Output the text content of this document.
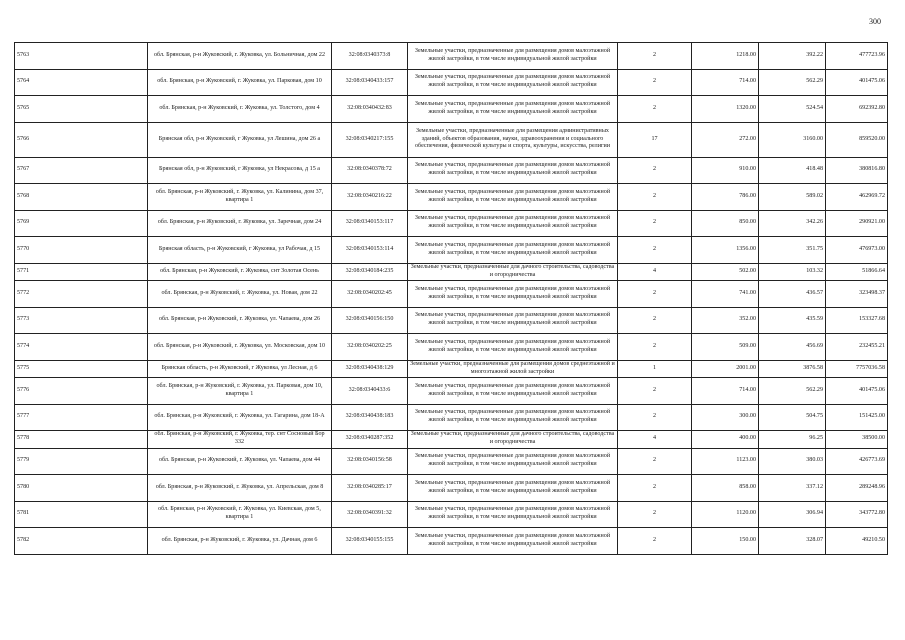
300
5763	обл. Брянская, р-н Жуковский, г. Жуковка, ул. Больничная, дом 22	32:08:0340373:8	Земельные участки, предназначенные для размещения домов малоэтажной жилой застройки, в том числе индивидуальной жилой застройки	2	1218.00	392.22	477723.96
5764	обл. Брянская, р-н Жуковский, г. Жуковка, ул. Парковая, дом 10	32:08:0340433:157	Земельные участки, предназначенные для размещения домов малоэтажной жилой застройки, в том числе индивидуальной жилой застройки	2	714.00	562.29	401475.06
5765	обл. Брянская, р-н Жуковский, г. Жуковка, ул. Толстого, дом 4	32:08:0340432:83	Земельные участки, предназначенные для размещения домов малоэтажной жилой застройки, в том числе индивидуальной жилой застройки	2	1320.00	524.54	692392.80
5766	Брянская обл, р-н Жуковский, г Жуковка, ул Лешина, дом 26 а	32:08:0340217:155	Земельные участки, предназначенные для размещения административных зданий, объектов образования, науки, здравоохранения и социального обеспечения, физической культуры и спорта, культуры, искусства, религии	17	272.00	3160.00	859520.00
5767	Брянская обл, р-н Жуковский, г Жуковка, ул Некрасова, д 15 а	32:08:0340378:72	Земельные участки, предназначенные для размещения домов малоэтажной жилой застройки, в том числе индивидуальной жилой застройки	2	910.00	418.48	380816.80
5768	обл. Брянская, р-н Жуковский, г. Жуковка, ул. Калинина, дом 37, квартира 1	32:08:0340216:22	Земельные участки, предназначенные для размещения домов малоэтажной жилой застройки, в том числе индивидуальной жилой застройки	2	786.00	589.02	462969.72
5769	обл. Брянская, р-н Жуковский, г. Жуковка, ул. Заречная, дом 24	32:08:0340153:117	Земельные участки, предназначенные для размещения домов малоэтажной жилой застройки, в том числе индивидуальной жилой застройки	2	850.00	342.26	290921.00
5770	Брянская область, р-н Жуковский, г Жуковка, ул Рабочая, д 15	32:08:0340153:114	Земельные участки, предназначенные для размещения домов малоэтажной жилой застройки, в том числе индивидуальной жилой застройки	2	1356.00	351.75	476973.00
5771	обл. Брянская, р-н Жуковский, г. Жуковка, снт Золотая Осень	32:08:0340184:235	Земельные участки, предназначенные для дачного строительства, садоводства и огородничества	4	502.00	103.32	51866.64
5772	обл. Брянская, р-н Жуковский, г. Жуковка, ул. Новая, дом 22	32:08:0340202:45	Земельные участки, предназначенные для размещения домов малоэтажной жилой застройки, в том числе индивидуальной жилой застройки	2	741.00	436.57	323498.37
5773	обл. Брянская, р-н Жуковский, г. Жуковка, ул. Чапаева, дом 26	32:08:0340156:150	Земельные участки, предназначенные для размещения домов малоэтажной жилой застройки, в том числе индивидуальной жилой застройки	2	352.00	435.59	153327.68
5774	обл. Брянская, р-н Жуковский, г. Жуковка, ул. Московская, дом 10	32:08:0340202:25	Земельные участки, предназначенные для размещения домов малоэтажной жилой застройки, в том числе индивидуальной жилой застройки	2	509.00	456.69	232455.21
5775	Брянская область, р-н Жуковский, г Жуковка, ул Лесная, д 6	32:08:0340438:129	Земельные участки, предназначенные для размещения домов среднеэтажной и многоэтажной жилой застройки	1	2001.00	3876.58	7757036.58
5776	обл. Брянская, р-н Жуковский, г. Жуковка, ул. Парковая, дом 10, квартира 1	32:08:0340433:6	Земельные участки, предназначенные для размещения домов малоэтажной жилой застройки, в том числе индивидуальной жилой застройки	2	714.00	562.29	401475.06
5777	обл. Брянская, р-н Жуковский, г. Жуковка, ул. Гагарина, дом 18-А	32:08:0340438:183	Земельные участки, предназначенные для размещения домов малоэтажной жилой застройки, в том числе индивидуальной жилой застройки	2	300.00	504.75	151425.00
5778	обл. Брянская, р-н Жуковский, г. Жуковка, тер. снт Сосновый Бор 332	32:08:0340287:352	Земельные участки, предназначенные для дачного строительства, садоводства и огородничества	4	400.00	96.25	38500.00
5779	обл. Брянская, р-н Жуковский, г. Жуковка, ул. Чапаева, дом 44	32:08:0340156:58	Земельные участки, предназначенные для размещения домов малоэтажной жилой застройки, в том числе индивидуальной жилой застройки	2	1123.00	380.03	426773.69
5780	обл. Брянская, р-н Жуковский, г. Жуковка, ул. Апрельская, дом 8	32:08:0340285:17	Земельные участки, предназначенные для размещения домов малоэтажной жилой застройки, в том числе индивидуальной жилой застройки	2	858.00	337.12	289248.96
5781	обл. Брянская, р-н Жуковский, г. Жуковка, ул. Киевская, дом 5, квартира 1	32:08:0340391:32	Земельные участки, предназначенные для размещения домов малоэтажной жилой застройки, в том числе индивидуальной жилой застройки	2	1120.00	306.94	343772.80
5782	обл. Брянская, р-н Жуковский, г. Жуковка, ул. Дачная, дом 6	32:08:0340155:155	Земельные участки, предназначенные для размещения домов малоэтажной жилой застройки, в том числе индивидуальной жилой застройки	2	150.00	328.07	49210.50
